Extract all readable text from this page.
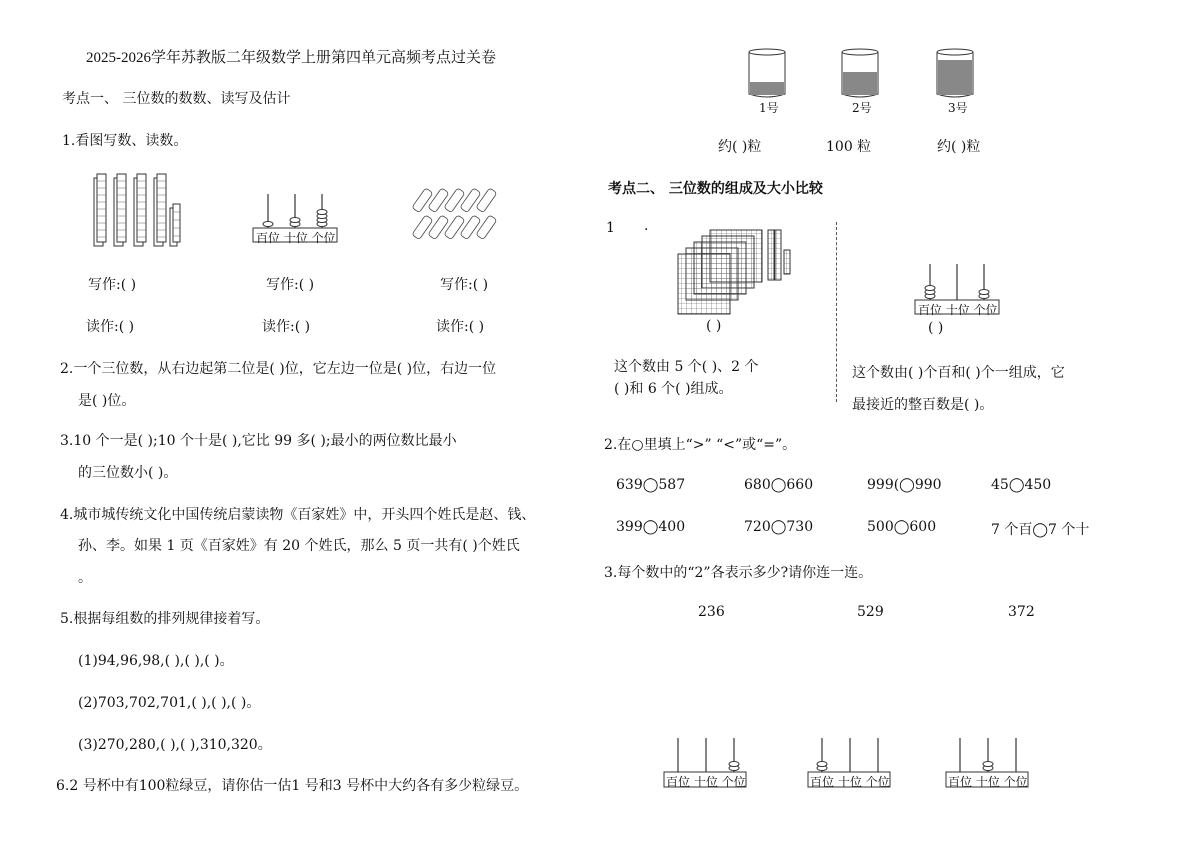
2025-2026学年苏教版二年级数学上册第四单元高频考点过关卷
考点一、 三位数的数数、读写及估计
1.看图写数、读数。
百位 十位 个位
写作:( )	写作:( )	写作:( )
读作:( )	读作:( )	读作:( )
2.一个三位数，从右边起第二位是( )位，它左边一位是( )位，右边一位
是( )位。
3.10 个一是( );10 个十是( ),它比 99 多( );最小的两位数比最小
的三位数小( )。
4.城市城传统文化中国传统启蒙读物《百家姓》中，开头四个姓氏是赵、钱、
孙、李。如果 1 页《百家姓》有 20 个姓氏，那么 5 页一共有( )个姓氏
。
5.根据每组数的排列规律接着写。
(1)94,96,98,( ),( ),( )。
(2)703,702,701,( ),( ),( )。
(3)270,280,( ),( ),310,320。
6.2 号杯中有100粒绿豆，请你估一估1 号和3 号杯中大约各有多少粒绿豆。
1号	2号	3号
约( )粒	100 粒	约( )粒
考点二、 三位数的组成及大小比较
1 .
( )
百位 十位 个位
( )
这个数由 5 个( )、2 个
( )和 6 个( )组成。
这个数由( )个百和( )个一组成，它
最接近的整百数是( )。
2.在○里填上“>” “<”或“=”。
639◯587	680◯660	999(◯990	45◯450
399◯400	720◯730	500◯600	7 个百◯7 个十
3.每个数中的“2”各表示多少?请你连一连。
236	529	372
百位 十位 个位	百位 十位 个位	百位 十位 个位
